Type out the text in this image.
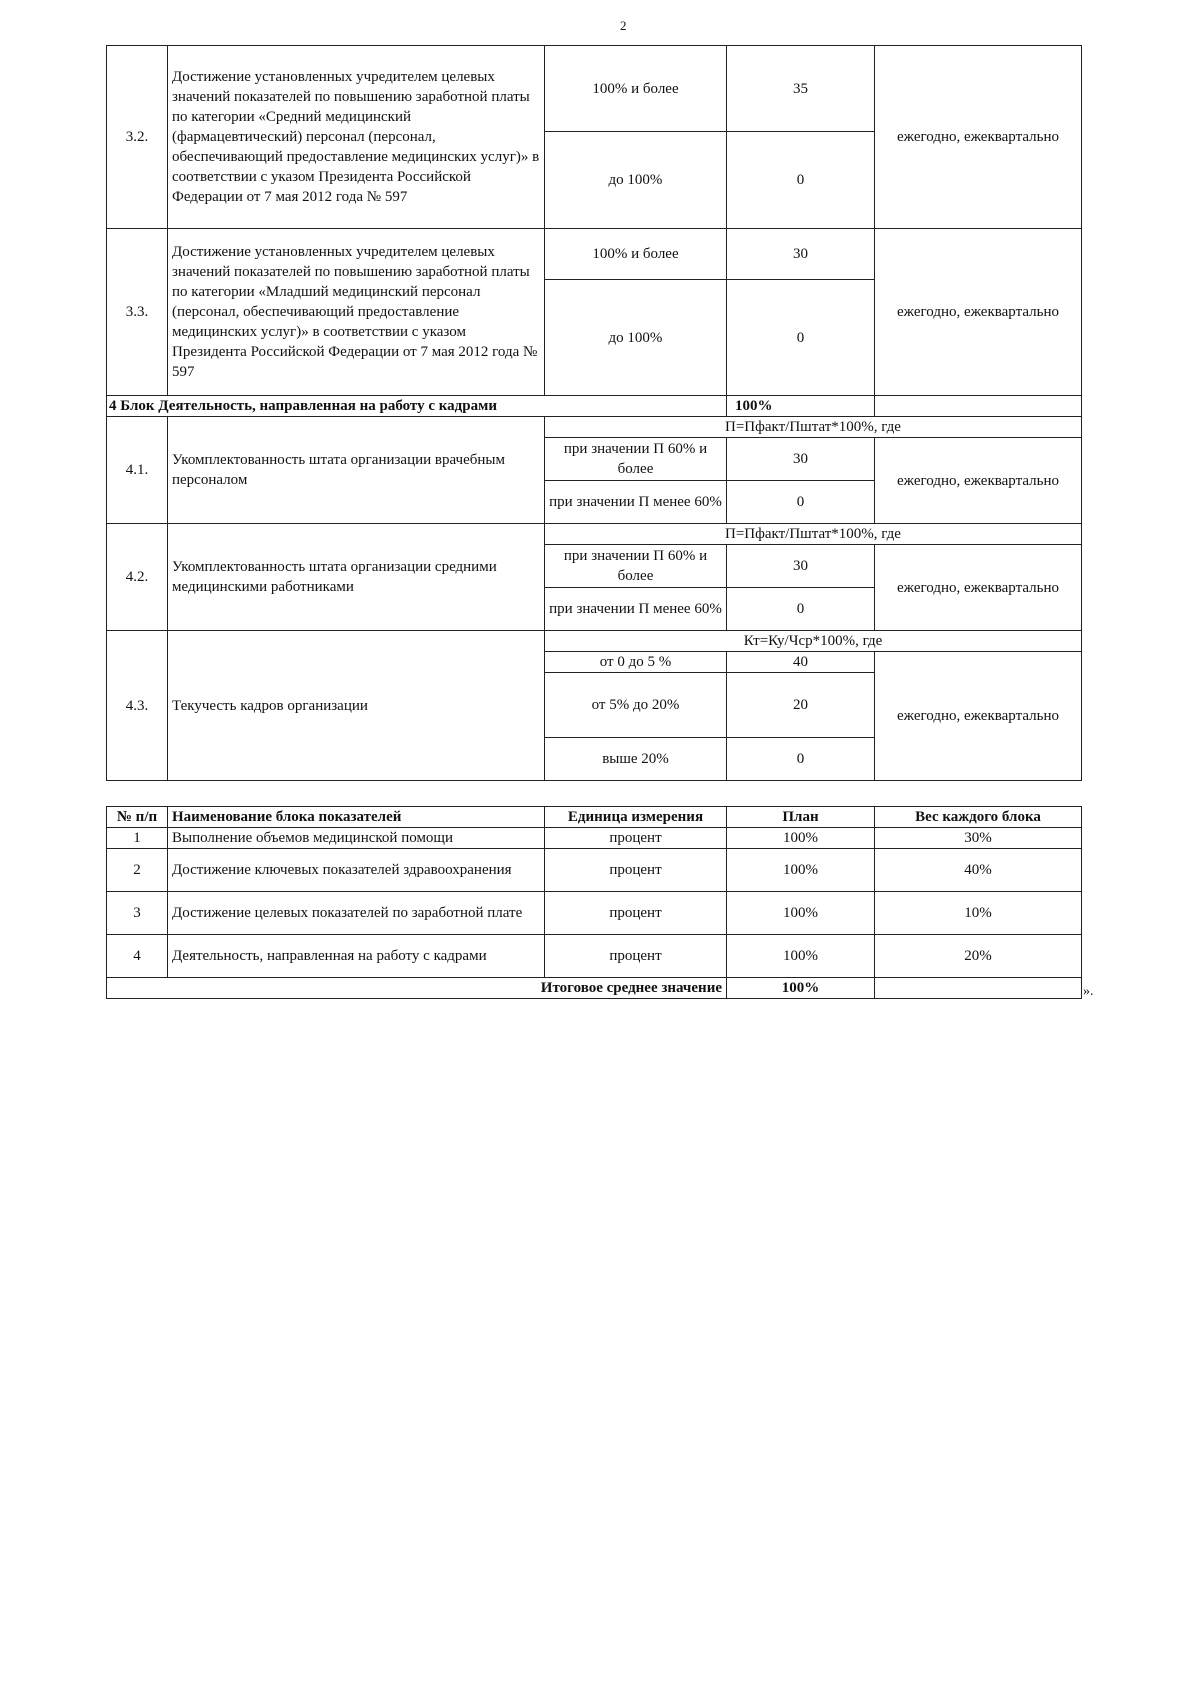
2
3.2.	Достижение установленных учредителем целевых значений показателей по повышению заработной платы по категории «Средний медицинский (фармацевтический) персонал (персонал, обеспечивающий предоставление медицинских услуг)» в соответствии с указом Президента Российской Федерации от 7 мая 2012 года № 597	100% и более	35	ежегодно, ежеквартально
		до 100%	0	
3.3.	Достижение установленных учредителем целевых значений показателей по повышению заработной платы по категории «Младший медицинский персонал (персонал, обеспечивающий предоставление медицинских услуг)» в соответствии с указом Президента Российской Федерации от 7 мая 2012 года № 597	100% и более	30	ежегодно, ежеквартально
		до 100%	0	
4 Блок Деятельность, направленная на работу с кадрами			100%	
4.1.	Укомплектованность штата организации врачебным персоналом	П=Пфакт/Пштат*100%, где		
		при значении П 60% и более	30	ежегодно, ежеквартально
		при значении П менее 60%	0	
4.2.	Укомплектованность штата организации средними медицинскими работниками	П=Пфакт/Пштат*100%, где		
		при значении П 60% и более	30	ежегодно, ежеквартально
		при значении П менее 60%	0	
4.3.	Текучесть кадров организации	Кт=Ку/Чср*100%, где		
		от 0 до 5 %	40	ежегодно, ежеквартально
		от 5% до 20%	20	
		выше 20%	0	
№ п/п	Наименование блока показателей	Единица измерения	План	Вес каждого блока
1	Выполнение объемов медицинской помощи	процент	100%	30%
2	Достижение ключевых показателей здравоохранения	процент	100%	40%
3	Достижение целевых показателей по заработной плате	процент	100%	10%
4	Деятельность, направленная на работу с кадрами	процент	100%	20%
Итоговое среднее значение			100%		».
